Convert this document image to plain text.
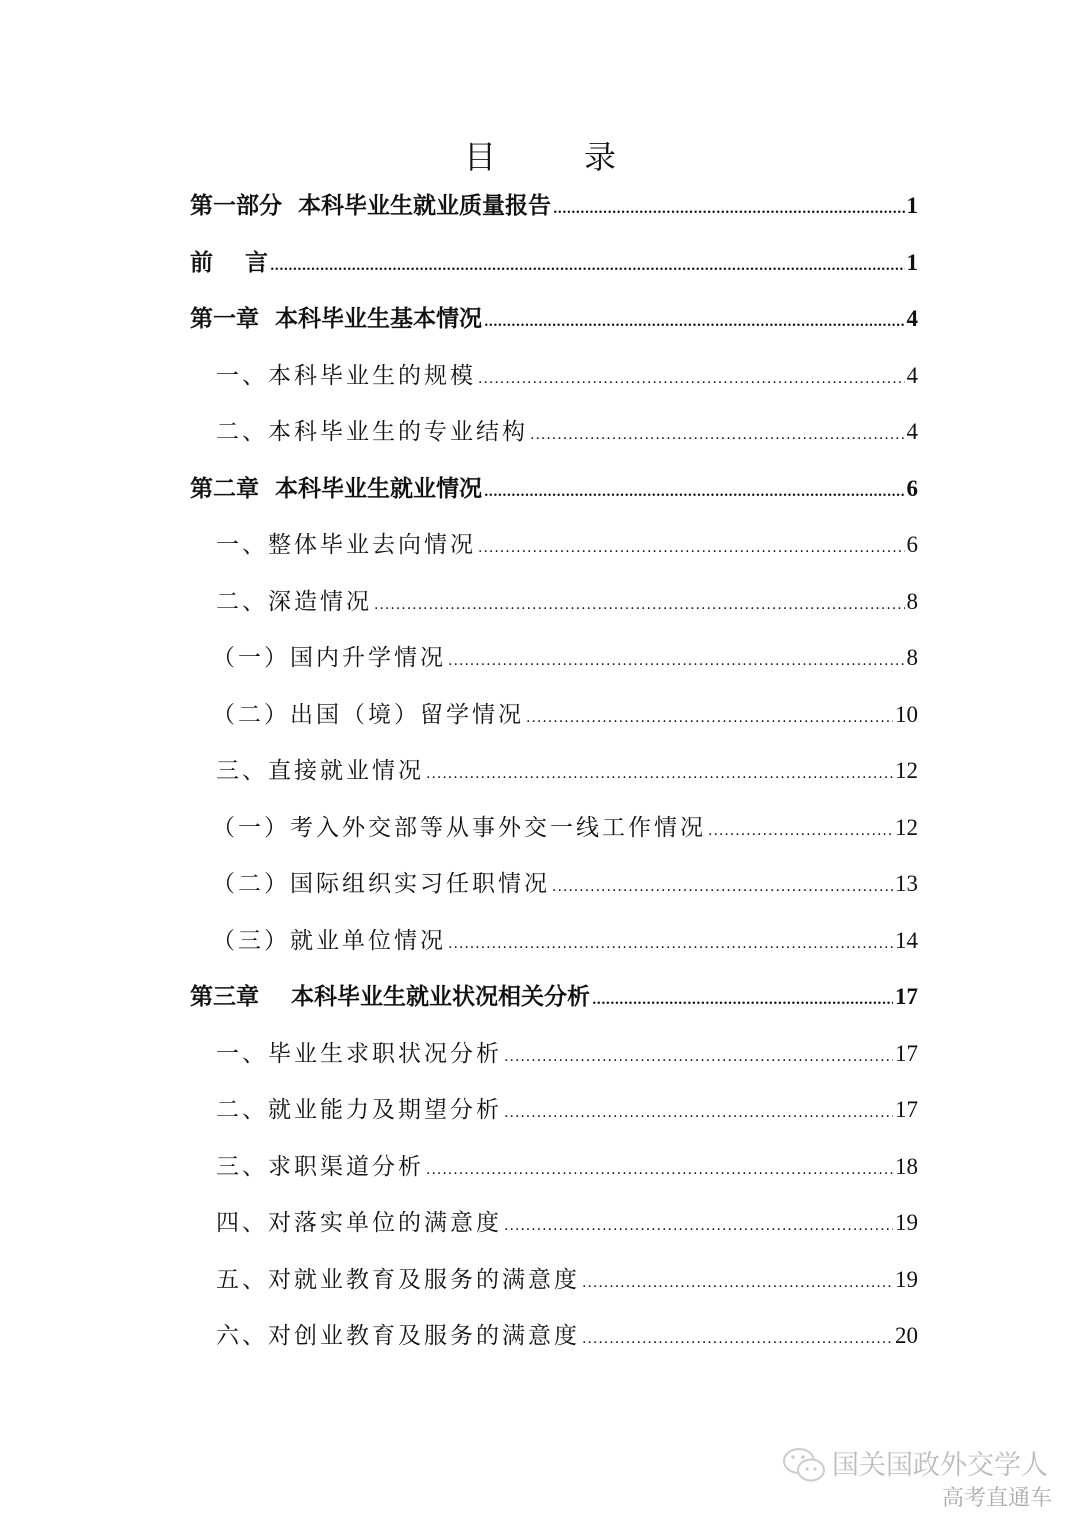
目　录
第一部分  本科毕业生就业质量报告 .....	1
前    言 .....	1
第一章  本科毕业生基本情况 .....	4
一、本科毕业生的规模 .....	4
二、本科毕业生的专业结构 .....	4
第二章  本科毕业生就业情况 .....	6
一、整体毕业去向情况 .....	6
二、深造情况 .....	8
（一）国内升学情况 .....	8
（二）出国（境）留学情况 .....	10
三、直接就业情况 .....	12
（一）考入外交部等从事外交一线工作情况 .....	12
（二）国际组织实习任职情况 .....	13
（三）就业单位情况 .....	14
第三章    本科毕业生就业状况相关分析 .....	17
一、毕业生求职状况分析 .....	17
二、就业能力及期望分析 .....	17
三、求职渠道分析 .....	18
四、对落实单位的满意度 .....	19
五、对就业教育及服务的满意度 .....	19
六、对创业教育及服务的满意度 .....	20
国关国政外交学人
高考直通车
